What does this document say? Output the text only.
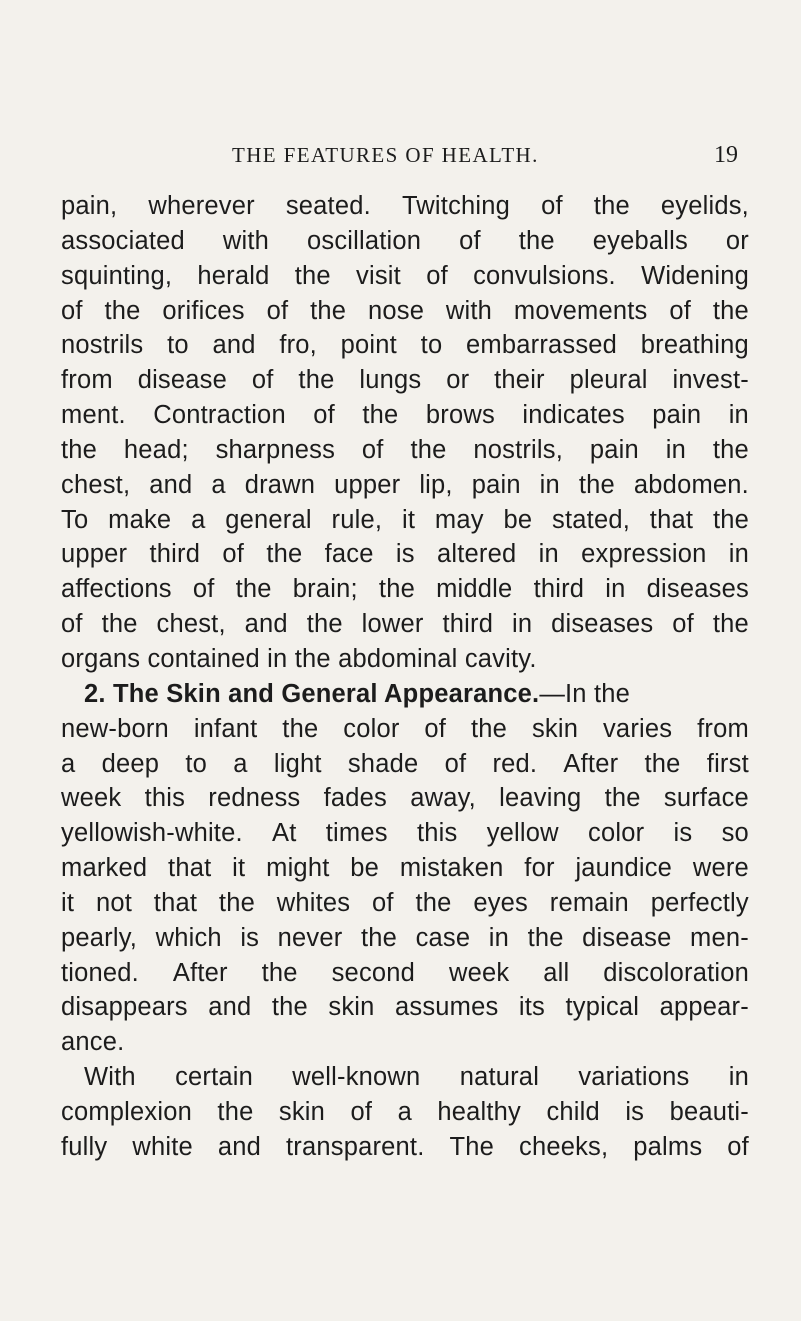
THE FEATURES OF HEALTH.	19
pain, wherever seated. Twitching of the eyelids,
associated with oscillation of the eyeballs or
squinting, herald the visit of convulsions. Widening
of the orifices of the nose with movements of the
nostrils to and fro, point to embarrassed breathing
from disease of the lungs or their pleural invest-
ment. Contraction of the brows indicates pain in
the head; sharpness of the nostrils, pain in the
chest, and a drawn upper lip, pain in the abdomen.
To make a general rule, it may be stated, that the
upper third of the face is altered in expression in
affections of the brain; the middle third in diseases
of the chest, and the lower third in diseases of the
organs
contained
in
the
abdominal
cavity.
2.
The Skin and General Appearance. —In the
new-born infant the color of the skin varies from
a deep to a light shade of red. After the first
week this redness fades away, leaving the surface
yellowish-white. At times this yellow color is so
marked that it might be mistaken for jaundice were
it not that the whites of the eyes remain perfectly
pearly, which is never the case in the disease men-
tioned. After the second week all discoloration
disappears and the skin assumes its typical appear-
ance.
With certain well-known natural variations in
complexion the skin of a healthy child is beauti-
fully white and transparent. The cheeks, palms of
